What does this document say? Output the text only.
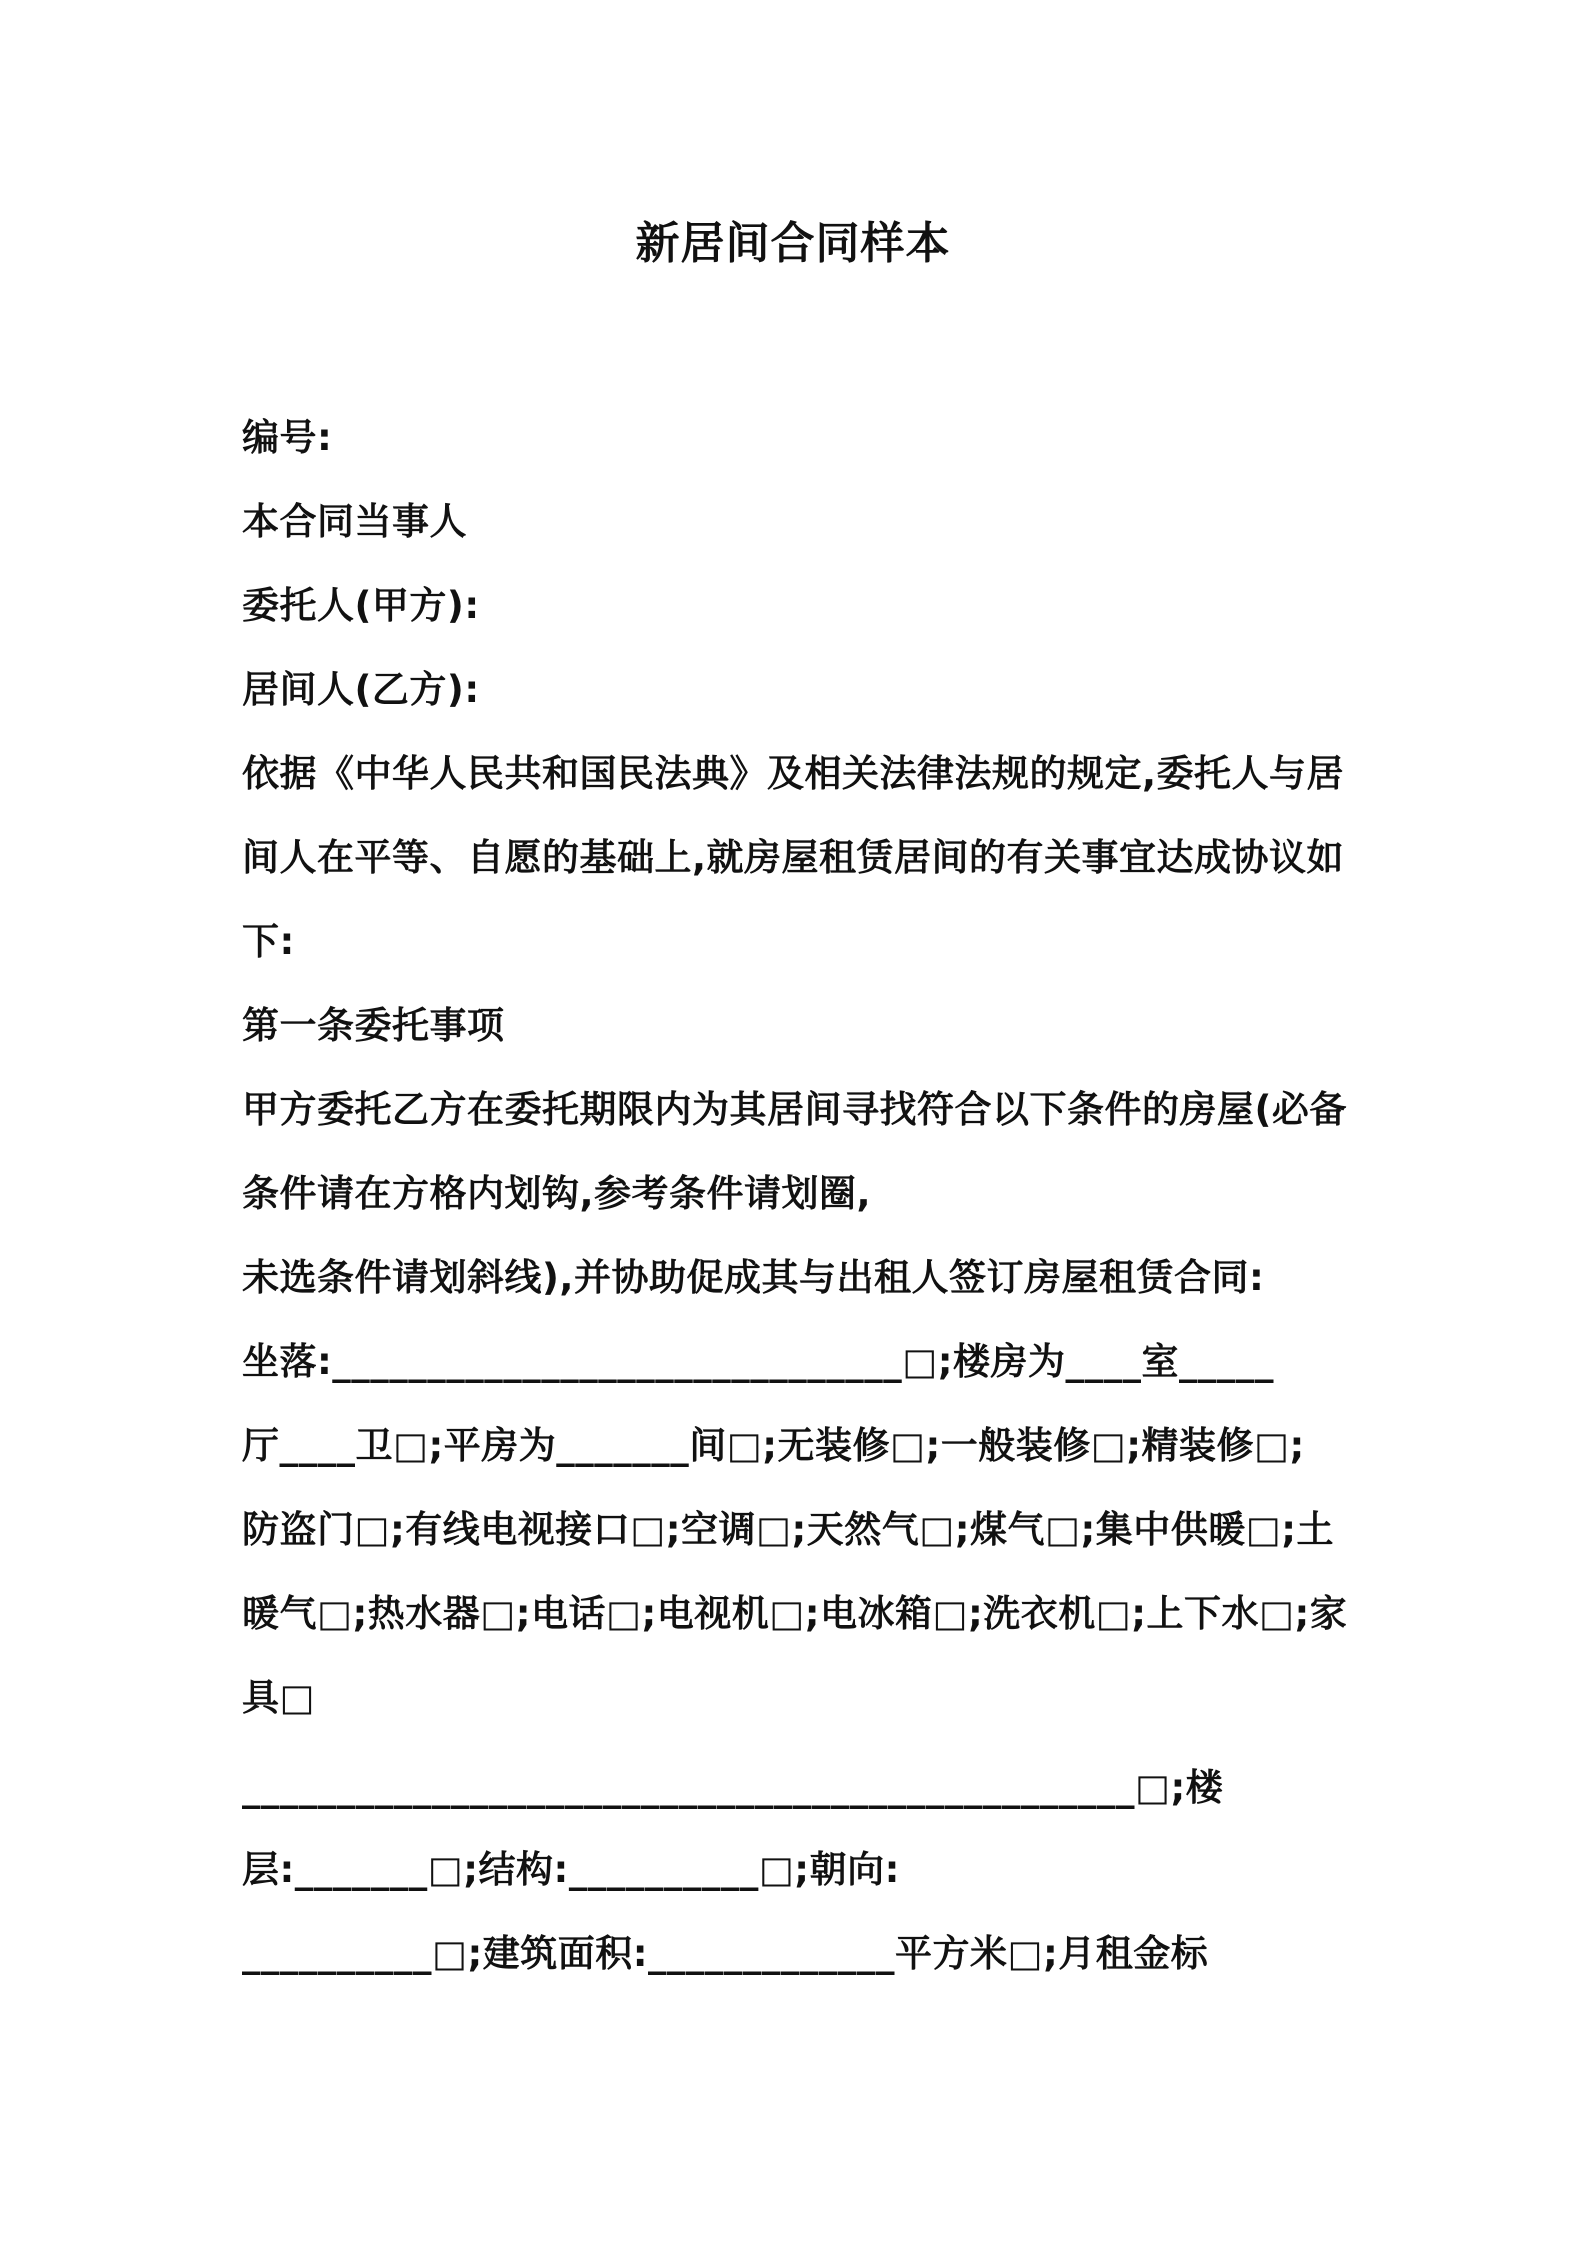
新居间合同样本
编号:
本合同当事人
委托人(甲方):
居间人(乙方):
依据《中华人民共和国民法典》及相关法律法规的规定,委托人与居
间人在平等、自愿的基础上,就房屋租赁居间的有关事宜达成协议如
下:
第一条委托事项
甲方委托乙方在委托期限内为其居间寻找符合以下条件的房屋(必备
条件请在方格内划钩,参考条件请划圈,
未选条件请划斜线),并协助促成其与出租人签订房屋租赁合同:
坐落:______________________________□;楼房为____室_____
厅____卫□;平房为_______间□;无装修□;一般装修□;精装修□;
防盗门□;有线电视接口□;空调□;天然气□;煤气□;集中供暖□;土
暖气□;热水器□;电话□;电视机□;电冰箱□;洗衣机□;上下水□;家
具□
_______________________________________________□;楼
层:_______□;结构:__________□;朝向:
__________□;建筑面积:_____________平方米□;月租金标
